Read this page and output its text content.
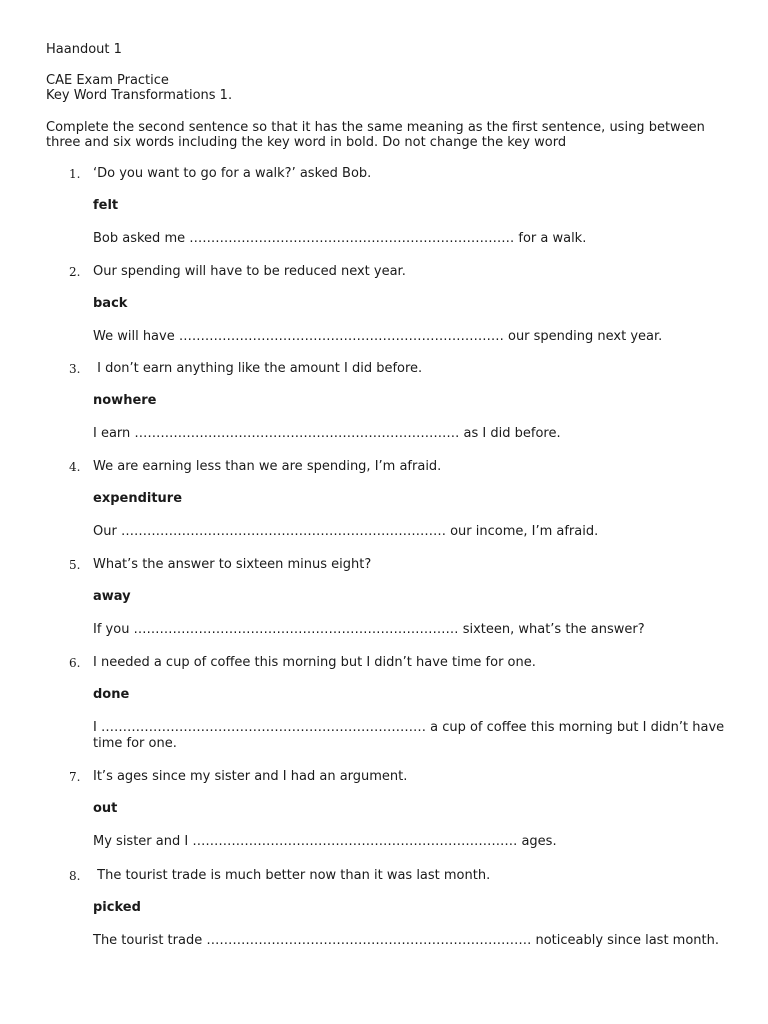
Haandout 1
CAE Exam Practice
Key Word Transformations 1.
Complete the second sentence so that it has the same meaning as the first sentence, using between three and six words including the key word in bold. Do not change the key word
1. ‘Do you want to go for a walk?’ asked Bob.
felt
Bob asked me ………………………………………………………………… for a walk.
2. Our spending will have to be reduced next year.
back
We will have ………………………………………………………………… our spending next year.
3. I don’t earn anything like the amount I did before.
nowhere
I earn ………………………………………………………………… as I did before.
4. We are earning less than we are spending, I’m afraid.
expenditure
Our ………………………………………………………………… our income, I’m afraid.
5. What’s the answer to sixteen minus eight?
away
If you ………………………………………………………………… sixteen, what’s the answer?
6. I needed a cup of coffee this morning but I didn’t have time for one.
done
I ………………………………………………………………… a cup of coffee this morning but I didn’t have time for one.
7. It’s ages since my sister and I had an argument.
out
My sister and I ………………………………………………………………… ages.
8. The tourist trade is much better now than it was last month.
picked
The tourist trade ………………………………………………………………… noticeably since last month.
